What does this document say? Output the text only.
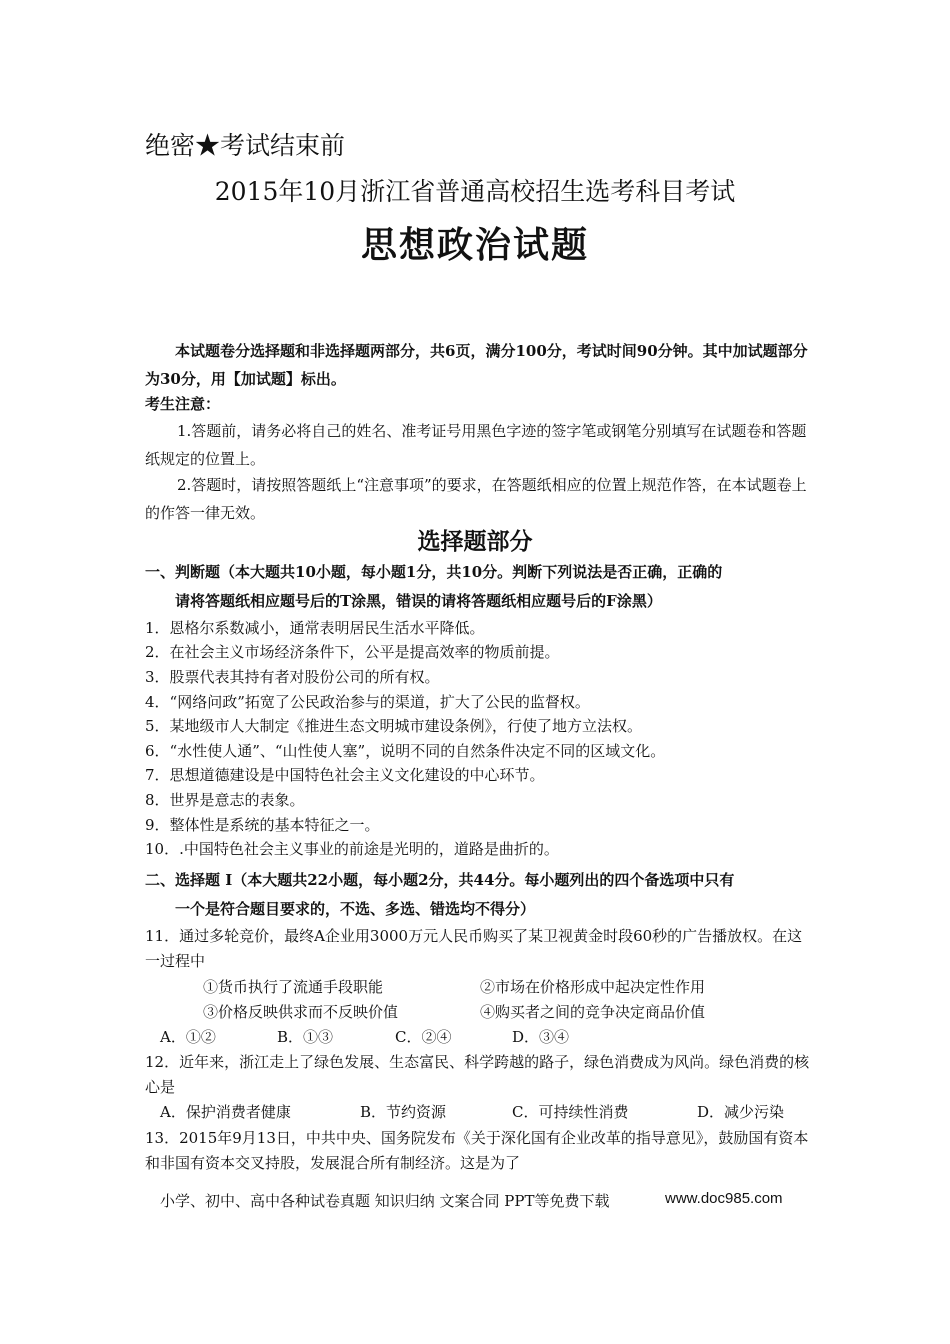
绝密★考试结束前
2015年10月浙江省普通高校招生选考科目考试
思想政治试题
本试题卷分选择题和非选择题两部分，共6页，满分100分，考试时间90分钟。其中加试题部分为30分，用【加试题】标出。
考生注意：
1.答题前，请务必将自己的姓名、准考证号用黑色字迹的签字笔或钢笔分别填写在试题卷和答题纸规定的位置上。
2.答题时，请按照答题纸上“注意事项”的要求，在答题纸相应的位置上规范作答，在本试题卷上的作答一律无效。
选择题部分
一、判断题（本大题共10小题，每小题1分，共10分。判断下列说法是否正确，正确的
请将答题纸相应题号后的T涂黑，错误的请将答题纸相应题号后的F涂黑）
1．恩格尔系数减小，通常表明居民生活水平降低。
2．在社会主义市场经济条件下，公平是提高效率的物质前提。
3．股票代表其持有者对股份公司的所有权。
4．“网络问政”拓宽了公民政治参与的渠道，扩大了公民的监督权。
5．某地级市人大制定《推进生态文明城市建设条例》，行使了地方立法权。
6．“水性使人通”、“山性使人塞”，说明不同的自然条件决定不同的区域文化。
7．思想道德建设是中国特色社会主义文化建设的中心环节。
8．世界是意志的表象。
9．整体性是系统的基本特征之一。
10．.中国特色社会主义事业的前途是光明的，道路是曲折的。
二、选择题 I（本大题共22小题，每小题2分，共44分。每小题列出的四个备选项中只有
一个是符合题目要求的，不选、多选、错选均不得分）
11．通过多轮竞价，最终A企业用3000万元人民币购买了某卫视黄金时段60秒的广告播放权。在这一过程中
①货币执行了流通手段职能	②市场在价格形成中起决定性作用
③价格反映供求而不反映价值	④购买者之间的竞争决定商品价值
A．①②	B．①③	C．②④	D．③④
12．近年来，浙江走上了绿色发展、生态富民、科学跨越的路子，绿色消费成为风尚。绿色消费的核心是
A．保护消费者健康	B．节约资源	C．可持续性消费	D．减少污染
13．2015年9月13日，中共中央、国务院发布《关于深化国有企业改革的指导意见》，鼓励国有资本和非国有资本交叉持股，发展混合所有制经济。这是为了
小学、初中、高中各种试卷真题 知识归纳 文案合同 PPT等免费下载	www.doc985.com
